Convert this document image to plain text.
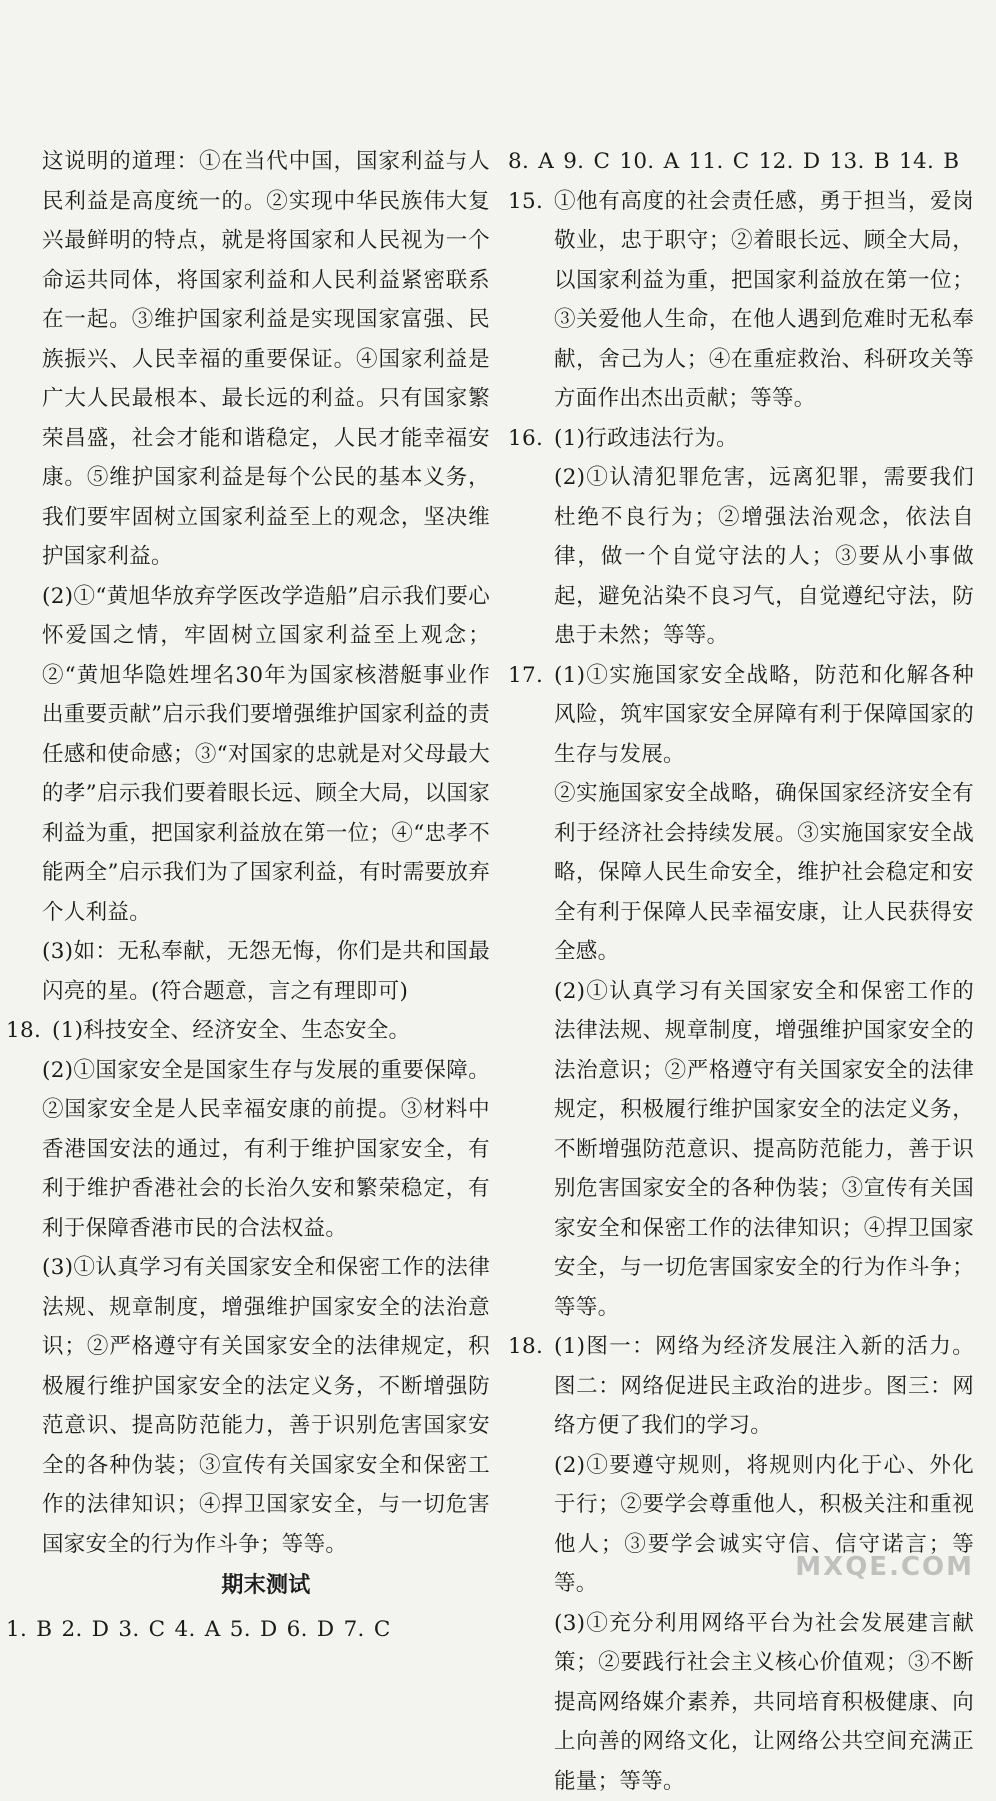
这说明的道理：①在当代中国，国家利益与人民利益是高度统一的。②实现中华民族伟大复兴最鲜明的特点，就是将国家和人民视为一个命运共同体，将国家利益和人民利益紧密联系在一起。③维护国家利益是实现国家富强、民族振兴、人民幸福的重要保证。④国家利益是广大人民最根本、最长远的利益。只有国家繁荣昌盛，社会才能和谐稳定，人民才能幸福安康。⑤维护国家利益是每个公民的基本义务，我们要牢固树立国家利益至上的观念，坚决维护国家利益。

(2)①“黄旭华放弃学医改学造船”启示我们要心怀爱国之情，牢固树立国家利益至上观念；②“黄旭华隐姓埋名30年为国家核潜艇事业作出重要贡献”启示我们要增强维护国家利益的责任感和使命感；③“对国家的忠就是对父母最大的孝”启示我们要着眼长远、顾全大局，以国家利益为重，把国家利益放在第一位；④“忠孝不能两全”启示我们为了国家利益，有时需要放弃个人利益。

(3)如：无私奉献，无怨无悔，你们是共和国最闪亮的星。(符合题意，言之有理即可)

18. (1)科技安全、经济安全、生态安全。

(2)①国家安全是国家生存与发展的重要保障。②国家安全是人民幸福安康的前提。③材料中香港国安法的通过，有利于维护国家安全，有利于维护香港社会的长治久安和繁荣稳定，有利于保障香港市民的合法权益。

(3)①认真学习有关国家安全和保密工作的法律法规、规章制度，增强维护国家安全的法治意识；②严格遵守有关国家安全的法律规定，积极履行维护国家安全的法定义务，不断增强防范意识、提高防范能力，善于识别危害国家安全的各种伪装；③宣传有关国家安全和保密工作的法律知识；④捍卫国家安全，与一切危害国家安全的行为作斗争；等等。

期末测试

1. B 2. D 3. C 4. A 5. D 6. D 7. C

8. A 9. C 10. A 11. C 12. D 13. B 14. B

15. ①他有高度的社会责任感，勇于担当，爱岗敬业，忠于职守；②着眼长远、顾全大局，以国家利益为重，把国家利益放在第一位；③关爱他人生命，在他人遇到危难时无私奉献，舍己为人；④在重症救治、科研攻关等方面作出杰出贡献；等等。
16. (1)行政违法行为。

(2)①认清犯罪危害，远离犯罪，需要我们杜绝不良行为；②增强法治观念，依法自律，做一个自觉守法的人；③要从小事做起，避免沾染不良习气，自觉遵纪守法，防患于未然；等等。

17. (1)①实施国家安全战略，防范和化解各种风险，筑牢国家安全屏障有利于保障国家的生存与发展。

②实施国家安全战略，确保国家经济安全有利于经济社会持续发展。③实施国家安全战略，保障人民生命安全，维护社会稳定和安全有利于保障人民幸福安康，让人民获得安全感。

(2)①认真学习有关国家安全和保密工作的法律法规、规章制度，增强维护国家安全的法治意识；②严格遵守有关国家安全的法律规定，积极履行维护国家安全的法定义务，不断增强防范意识、提高防范能力，善于识别危害国家安全的各种伪装；③宣传有关国家安全和保密工作的法律知识；④捍卫国家安全，与一切危害国家安全的行为作斗争；等等。

18. (1)图一：网络为经济发展注入新的活力。图二：网络促进民主政治的进步。图三：网络方便了我们的学习。

(2)①要遵守规则，将规则内化于心、外化于行；②要学会尊重他人，积极关注和重视他人；③要学会诚实守信、信守诺言；等等。

(3)①充分利用网络平台为社会发展建言献策；②要践行社会主义核心价值观；③不断提高网络媒介素养，共同培育积极健康、向上向善的网络文化，让网络公共空间充满正能量；等等。

MXQE.COM
